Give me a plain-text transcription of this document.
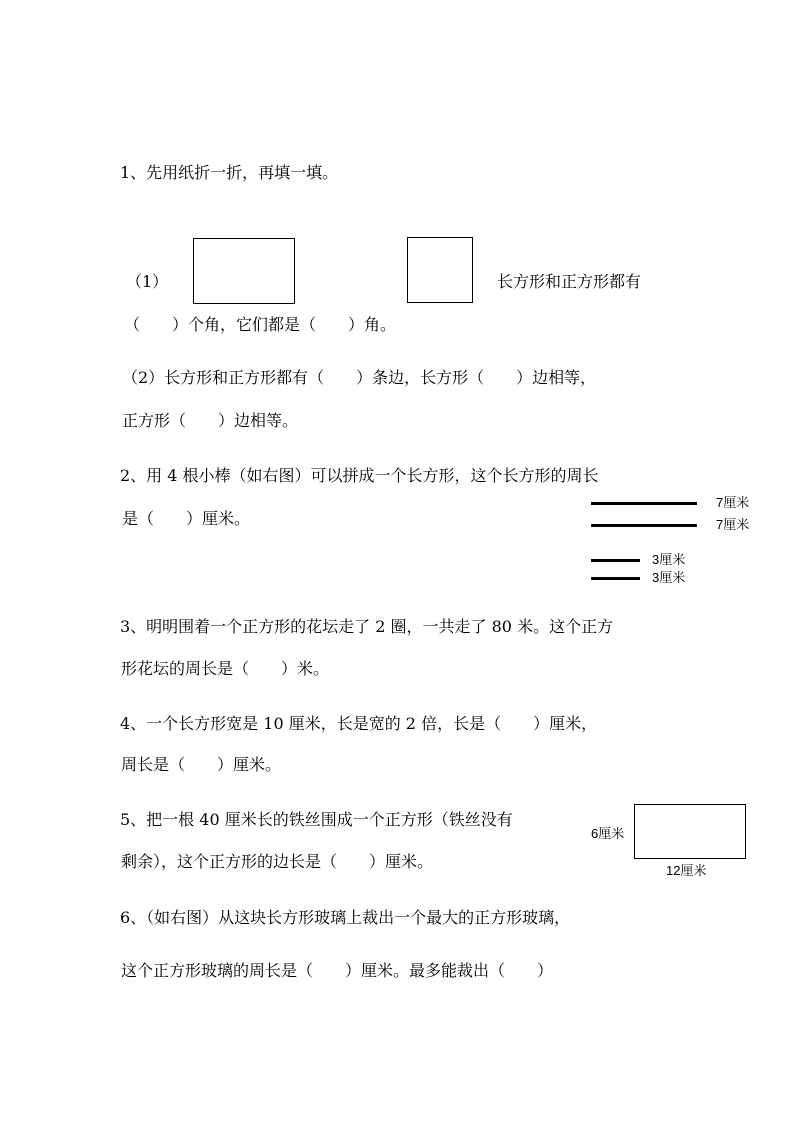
1、先用纸折一折，再填一填。
（1）	长方形和正方形都有
（　　）个角，它们都是（　　）角。
（2）长方形和正方形都有（　　）条边，长方形（　　）边相等，
正方形（　　）边相等。
2、用 4 根小棒（如右图）可以拼成一个长方形，这个长方形的周长
是（　　）厘米。
7厘米
7厘米
3厘米
3厘米
3、明明围着一个正方形的花坛走了 2 圈，一共走了 80 米。这个正方
形花坛的周长是（　　）米。
4、一个长方形宽是 10 厘米，长是宽的 2 倍，长是（　　）厘米，
周长是（　　）厘米。
5、把一根 40 厘米长的铁丝围成一个正方形（铁丝没有
剩余），这个正方形的边长是（　　）厘米。
6厘米
12厘米
6、（如右图）从这块长方形玻璃上裁出一个最大的正方形玻璃，
这个正方形玻璃的周长是（　　）厘米。最多能裁出（　　）
